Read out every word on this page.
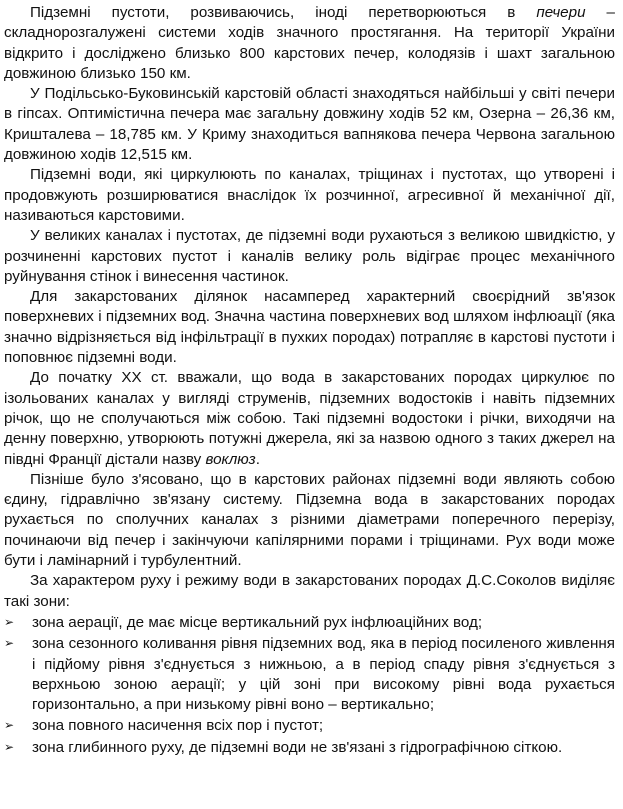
Підземні пустоти, розвиваючись, іноді перетворюються в печери – складнорозгалужені системи ходів значного простягання. На території України відкрито і досліджено близько 800 карстових печер, колодязів і шахт загальною довжиною близько 150 км.

У Подільсько-Буковинській карстовій області знаходяться найбільші у світі печери в гіпсах. Оптимістична печера має загальну довжину ходів 52 км, Озерна – 26,36 км, Кришталева – 18,785 км. У Криму знаходиться вапнякова печера Червона загальною довжиною ходів 12,515 км.

Підземні води, які циркулюють по каналах, тріщинах і пустотах, що утворені і продовжують розширюватися внаслідок їх розчинної, агресивної й механічної дії, називаються карстовими.

У великих каналах і пустотах, де підземні води рухаються з великою швидкістю, у розчиненні карстових пустот і каналів велику роль відіграє процес механічного руйнування стінок і винесення частинок.

Для закарстованих ділянок насамперед характерний своєрідний зв'язок поверхневих і підземних вод. Значна частина поверхневих вод шляхом інфлюації (яка значно відрізняється від інфільтрації в пухких породах) потрапляє в карстові пустоти і поповнює підземні води.

До початку XX ст. вважали, що вода в закарстованих породах циркулює по ізольованих каналах у вигляді струменів, підземних водостоків і навіть підземних річок, що не сполучаються між собою. Такі підземні водостоки і річки, виходячи на денну поверхню, утворюють потужні джерела, які за назвою одного з таких джерел на півдні Франції дістали назву воклюз.

Пізніше було з'ясовано, що в карстових районах підземні води являють собою єдину, гідравлічно зв'язану систему. Підземна вода в закарстованих породах рухається по сполучних каналах з різними діаметрами поперечного перерізу, починаючи від печер і закінчуючи капілярними порами і тріщинами. Рух води може бути і ламінарний і турбулентний.

За характером руху і режиму води в закарстованих породах Д.С.Соколов виділяє такі зони:

➢ зона аерації, де має місце вертикальний рух інфлюаційних вод;
➢ зона сезонного коливання рівня підземних вод, яка в період посиленого живлення і підйому рівня з'єднується з нижньою, а в період спаду рівня з'єднується з верхньою зоною аерації; у цій зоні при високому рівні вода рухається горизонтально, а при низькому рівні воно – вертикально;
➢ зона повного насичення всіх пор і пустот;
➢ зона глибинного руху, де підземні води не зв'язані з гідрографічною сіткою.
